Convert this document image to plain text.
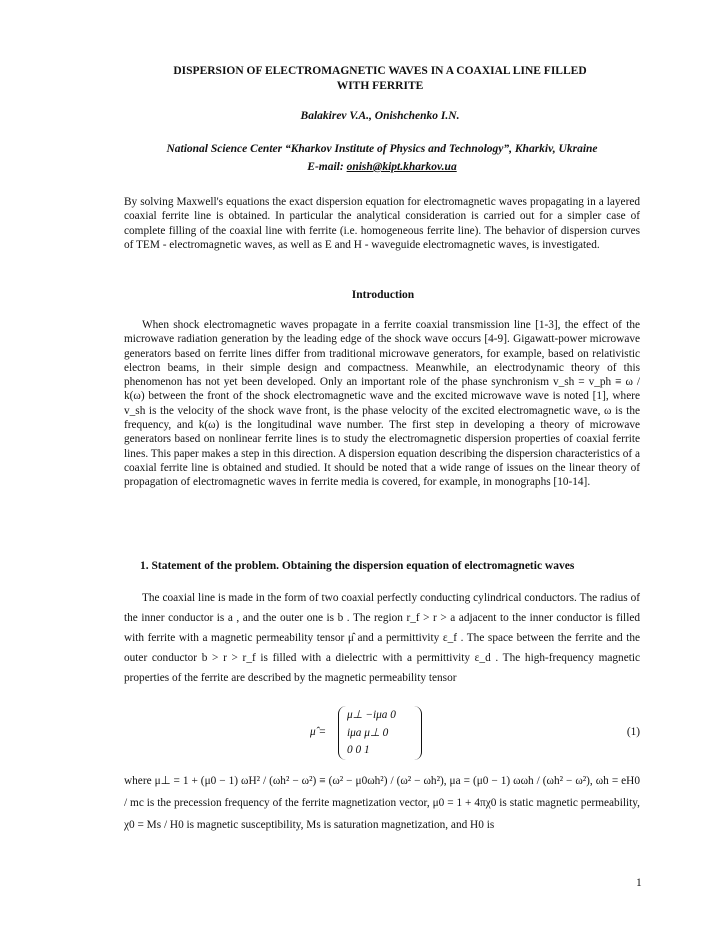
DISPERSION OF ELECTROMAGNETIC WAVES IN A COAXIAL LINE FILLED
WITH FERRITE
Balakirev V.A., Onishchenko I.N.
National Science Center “Kharkov Institute of Physics and Technology”, Kharkiv, Ukraine
E-mail: onish@kipt.kharkov.ua
By solving Maxwell's equations the exact dispersion equation for electromagnetic waves propagating in a layered coaxial ferrite line is obtained. In particular the analytical consideration is carried out for a simpler case of complete filling of the coaxial line with ferrite (i.e. homogeneous ferrite line). The behavior of dispersion curves of TEM - electromagnetic waves, as well as E and H - waveguide electromagnetic waves, is investigated.
Introduction

When shock electromagnetic waves propagate in a ferrite coaxial transmission line [1-3], the effect of the microwave radiation generation by the leading edge of the shock wave occurs [4-9]. Gigawatt-power microwave generators based on ferrite lines differ from traditional microwave generators, for example, based on relativistic electron beams, in their simple design and compactness. Meanwhile, an electrodynamic theory of this phenomenon has not yet been developed. Only an important role of the phase synchronism v_sh = v_ph ≡ ω / k(ω) between the front of the shock electromagnetic wave and the excited microwave wave is noted [1], where v_sh is the velocity of the shock wave front, is the phase velocity of the excited electromagnetic wave, ω is the frequency, and k(ω) is the longitudinal wave number. The first step in developing a theory of microwave generators based on nonlinear ferrite lines is to study the electromagnetic dispersion properties of coaxial ferrite lines. This paper makes a step in this direction. A dispersion equation describing the dispersion characteristics of a coaxial ferrite line is obtained and studied. It should be noted that a wide range of issues on the linear theory of propagation of electromagnetic waves in ferrite media is covered, for example, in monographs [10-14].

1. Statement of the problem. Obtaining the dispersion equation of electromagnetic waves

The coaxial line is made in the form of two coaxial perfectly conducting cylindrical conductors. The radius of the inner conductor is a , and the outer one is b . The region r_f > r > a adjacent to the inner conductor is filled with ferrite with a magnetic permeability tensor μ̂ and a permittivity ε_f . The space between the ferrite and the outer conductor b > r > r_f is filled with a dielectric with a permittivity ε_d . The high-frequency magnetic properties of the ferrite are described by the magnetic permeability tensor

μ̂ =
μ⊥ −iμa 0
iμa μ⊥ 0
0 0 1
(1)
where μ⊥ = 1 + (μ0 − 1) ωH² / (ωh² − ω²) ≡ (ω² − μ0ωh²) / (ω² − ωh²), μa = (μ0 − 1) ωωh / (ωh² − ω²), ωh = eH0 / mc is the precession frequency of the ferrite magnetization vector, μ0 = 1 + 4πχ0 is static magnetic permeability, χ0 = Ms / H0 is magnetic susceptibility, Ms is saturation magnetization, and H0 is
1
